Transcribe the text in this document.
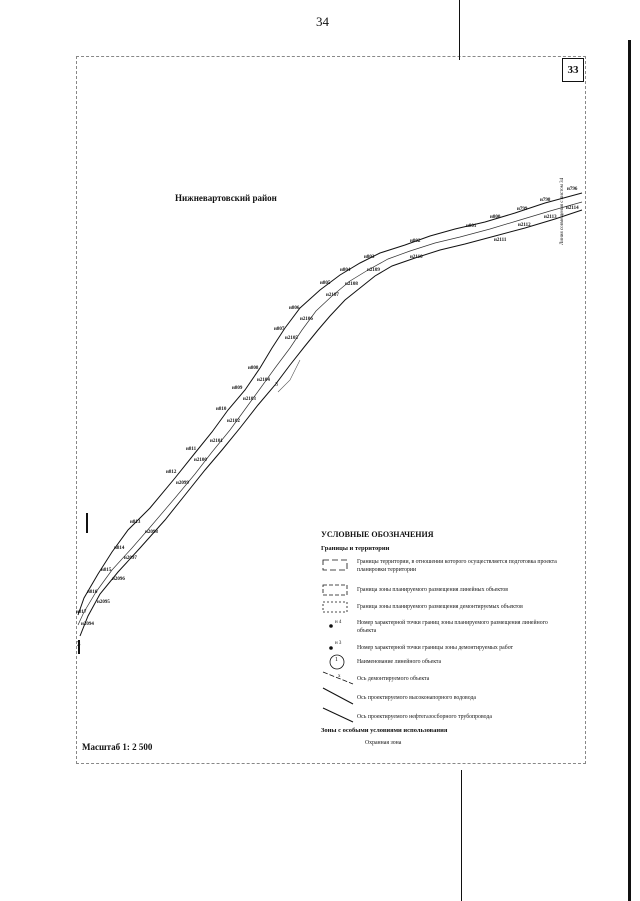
34
33
н796
н798
н799
н800
н801
н802
н803
н804
н805
н806
н807
н808
н809
н810
н811
н812
н813
н814
н815
н816
н817
н2114
н2113
н2112
н2111
н2110
н2109
н2108
н2107
н2106
н2105
н2104
н2103
н2102
н2101
н2100
н2099
н2098
н2097
н2096
н2095
н2094
3
3
Нижневартовский район	Линия совмещения с листом 34
Масштаб 1: 2 500
УСЛОВНЫЕ ОБОЗНАЧЕНИЯ
Границы и территории
Границы территории, в отношении которого осуществляется подготовка проекта планировки территории
Граница зоны планируемого размещения линейных объектов
Граница зоны планируемого размещения демонтируемых объектов
н 4	Номер характерной точки границ зоны планируемого размещения линейного объекта
н 3
Номер характерной точки границы зоны демонтируемых работ
1	Наименование линейного объекта
x	Ось демонтируемого объекта
Ось проектируемого высоконапорного водовода
Ось проектируемого нефтегазосборного трубопровода
Зоны с особыми условиями использования
Охранная зона
